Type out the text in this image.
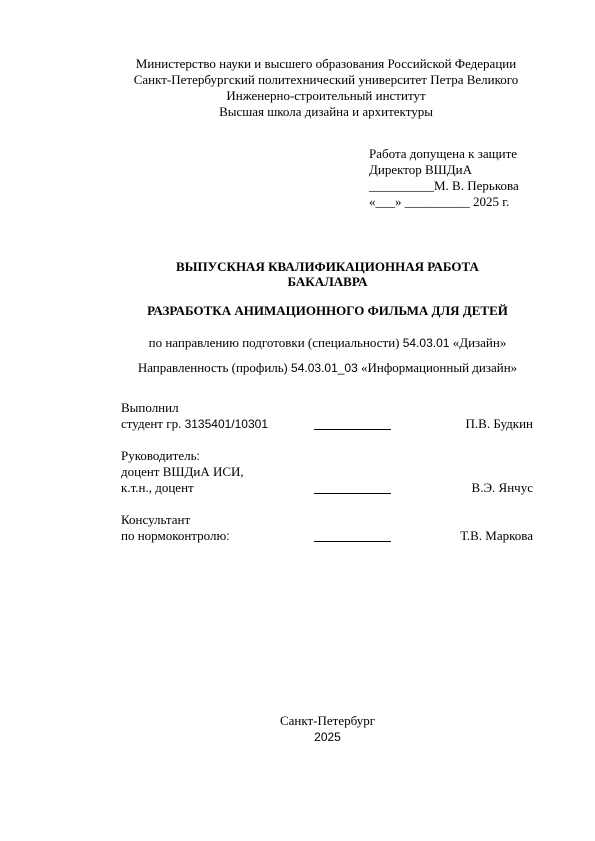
Министерство науки и высшего образования Российской Федерации
Санкт-Петербургский политехнический университет Петра Великого
Инженерно-строительный институт
Высшая школа дизайна и архитектуры
Работа допущена к защите
Директор ВШДиА
__________М. В. Перькова
«___» __________ 2025 г.
ВЫПУСКНАЯ КВАЛИФИКАЦИОННАЯ РАБОТА
БАКАЛАВРА
РАЗРАБОТКА АНИМАЦИОННОГО ФИЛЬМА ДЛЯ ДЕТЕЙ
по направлению подготовки (специальности) 54.03.01 «Дизайн»
Направленность (профиль) 54.03.01_03 «Информационный дизайн»
Выполнил
студент гр. 3135401/10301	П.В. Будкин
Руководитель:
доцент ВШДиА ИСИ,
к.т.н., доцент	В.Э. Янчус
Консультант
по нормоконтролю:	Т.В. Маркова
Санкт-Петербург
2025
